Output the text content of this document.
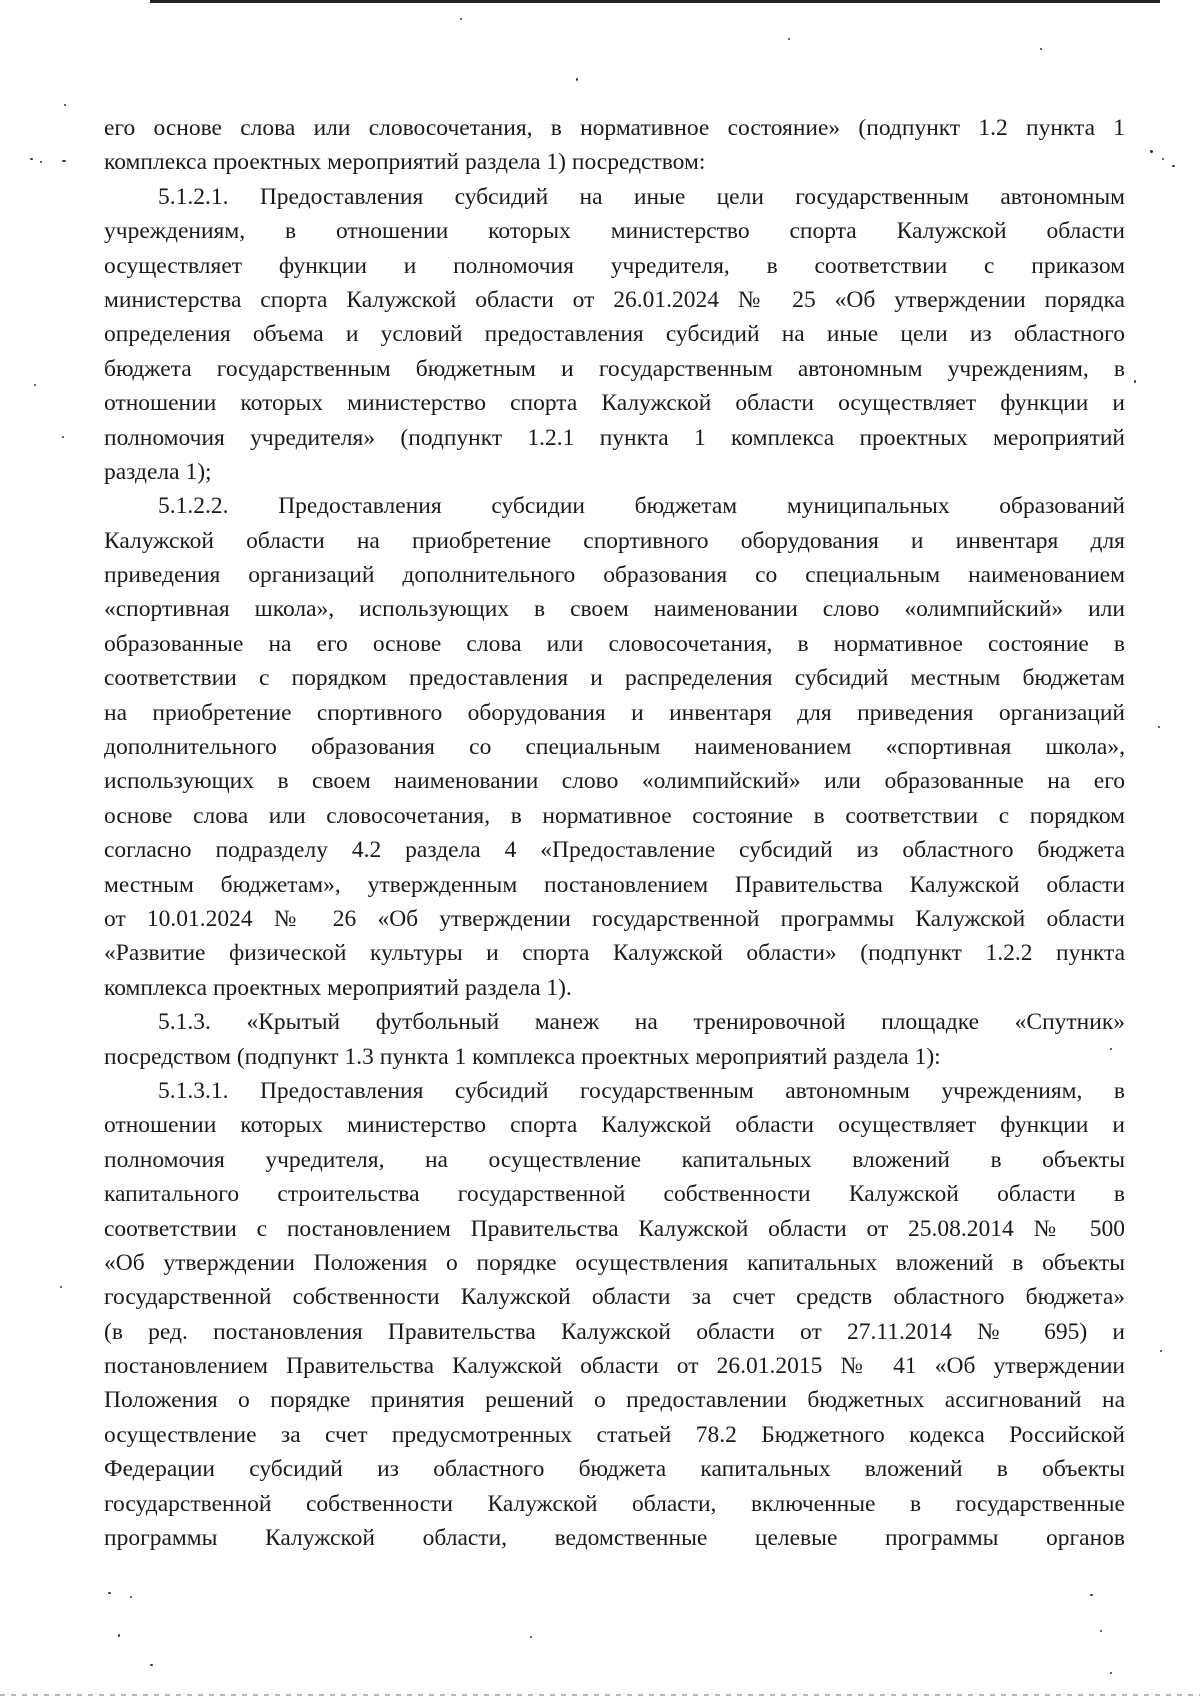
его основе слова или словосочетания, в нормативное состояние» (подпункт 1.2 пункта 1
комплекса проектных мероприятий раздела 1) посредством:
5.1.2.1. Предоставления субсидий на иные цели государственным автономным
учреждениям, в отношении которых министерство спорта Калужской области
осуществляет функции и полномочия учредителя, в соответствии с приказом
министерства спорта Калужской области от 26.01.2024 № 25 «Об утверждении порядка
определения объема и условий предоставления субсидий на иные цели из областного
бюджета государственным бюджетным и государственным автономным учреждениям, в
отношении которых министерство спорта Калужской области осуществляет функции и
полномочия учредителя» (подпункт 1.2.1 пункта 1 комплекса проектных мероприятий
раздела 1);
5.1.2.2. Предоставления субсидии бюджетам муниципальных образований
Калужской области на приобретение спортивного оборудования и инвентаря для
приведения организаций дополнительного образования со специальным наименованием
«спортивная школа», использующих в своем наименовании слово «олимпийский» или
образованные на его основе слова или словосочетания, в нормативное состояние в
соответствии с порядком предоставления и распределения субсидий местным бюджетам
на приобретение спортивного оборудования и инвентаря для приведения организаций
дополнительного образования со специальным наименованием «спортивная школа»,
использующих в своем наименовании слово «олимпийский» или образованные на его
основе слова или словосочетания, в нормативное состояние в соответствии с порядком
согласно подразделу 4.2 раздела 4 «Предоставление субсидий из областного бюджета
местным бюджетам», утвержденным постановлением Правительства Калужской области
от 10.01.2024 № 26 «Об утверждении государственной программы Калужской области
«Развитие физической культуры и спорта Калужской области» (подпункт 1.2.2 пункта
комплекса проектных мероприятий раздела 1).
5.1.3. «Крытый футбольный манеж на тренировочной площадке «Спутник»
посредством (подпункт 1.3 пункта 1 комплекса проектных мероприятий раздела 1):
5.1.3.1. Предоставления субсидий государственным автономным учреждениям, в
отношении которых министерство спорта Калужской области осуществляет функции и
полномочия учредителя, на осуществление капитальных вложений в объекты
капитального строительства государственной собственности Калужской области в
соответствии с постановлением Правительства Калужской области от 25.08.2014 № 500
«Об утверждении Положения о порядке осуществления капитальных вложений в объекты
государственной собственности Калужской области за счет средств областного бюджета»
(в ред. постановления Правительства Калужской области от 27.11.2014 № 695) и
постановлением Правительства Калужской области от 26.01.2015 № 41 «Об утверждении
Положения о порядке принятия решений о предоставлении бюджетных ассигнований на
осуществление за счет предусмотренных статьей 78.2 Бюджетного кодекса Российской
Федерации субсидий из областного бюджета капитальных вложений в объекты
государственной собственности Калужской области, включенные в государственные
программы Калужской области, ведомственные целевые программы органов
